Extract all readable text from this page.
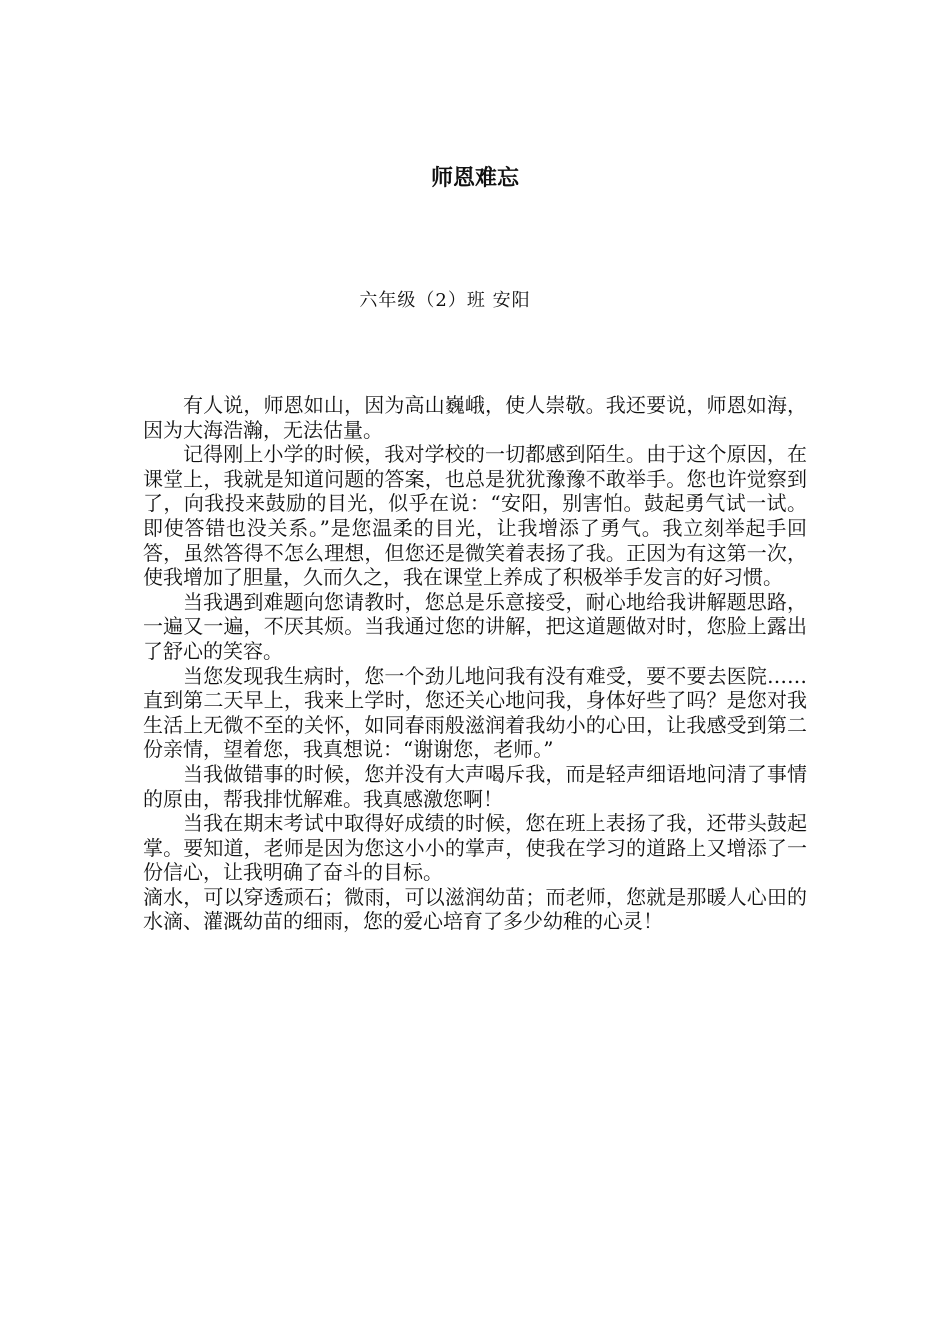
师恩难忘
六年级（2）班 安阳

有人说，师恩如山，因为高山巍峨，使人崇敬。我还要说，师恩如海，因为大海浩瀚，无法估量。

记得刚上小学的时候，我对学校的一切都感到陌生。由于这个原因，在课堂上，我就是知道问题的答案，也总是犹犹豫豫不敢举手。您也许觉察到了，向我投来鼓励的目光，似乎在说：“安阳，别害怕。鼓起勇气试一试。即使答错也没关系。”是您温柔的目光，让我增添了勇气。我立刻举起手回答，虽然答得不怎么理想，但您还是微笑着表扬了我。正因为有这第一次，使我增加了胆量，久而久之，我在课堂上养成了积极举手发言的好习惯。

当我遇到难题向您请教时，您总是乐意接受，耐心地给我讲解题思路，一遍又一遍，不厌其烦。当我通过您的讲解，把这道题做对时，您脸上露出了舒心的笑容。

当您发现我生病时，您一个劲儿地问我有没有难受，要不要去医院……直到第二天早上，我来上学时，您还关心地问我，身体好些了吗？是您对我生活上无微不至的关怀，如同春雨般滋润着我幼小的心田，让我感受到第二份亲情，望着您，我真想说：“谢谢您，老师。”

当我做错事的时候，您并没有大声喝斥我，而是轻声细语地问清了事情的原由，帮我排忧解难。我真感激您啊！

当我在期末考试中取得好成绩的时候，您在班上表扬了我，还带头鼓起掌。要知道，老师是因为您这小小的掌声，使我在学习的道路上又增添了一份信心，让我明确了奋斗的目标。

滴水，可以穿透顽石；微雨，可以滋润幼苗；而老师，您就是那暖人心田的水滴、灌溉幼苗的细雨，您的爱心培育了多少幼稚的心灵！
